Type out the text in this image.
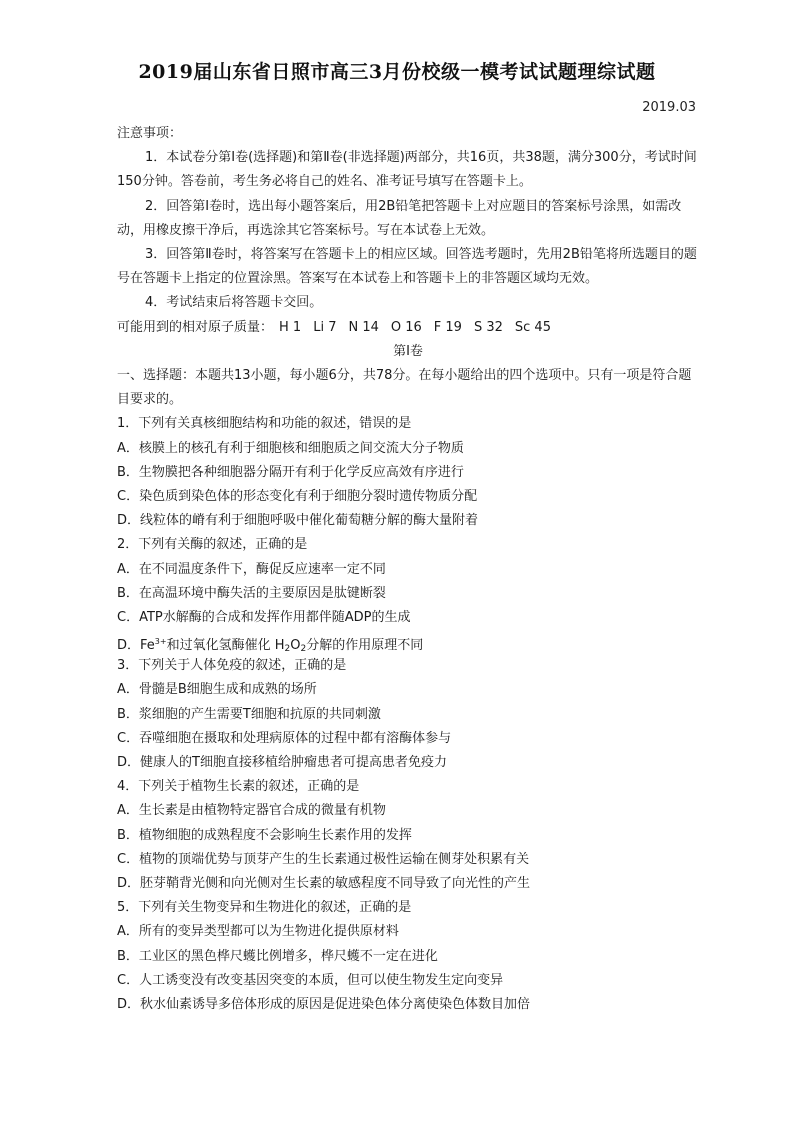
2019届山东省日照市高三3月份校级一模考试试题理综试题
2019.03
注意事项：
1．本试卷分第Ⅰ卷(选择题)和第Ⅱ卷(非选择题)两部分，共16页，共38题，满分300分，考试时间150分钟。答卷前，考生务必将自己的姓名、准考证号填写在答题卡上。
2．回答第Ⅰ卷时，选出每小题答案后，用2B铅笔把答题卡上对应题目的答案标号涂黑，如需改动，用橡皮擦干净后，再选涂其它答案标号。写在本试卷上无效。
3．回答第Ⅱ卷时，将答案写在答题卡上的相应区域。回答选考题时，先用2B铅笔将所选题目的题号在答题卡上指定的位置涂黑。答案写在本试卷上和答题卡上的非答题区域均无效。
4．考试结束后将答题卡交回。
可能用到的相对原子质量： H 1 Li 7 N 14 O 16 F 19 S 32 Sc 45
第Ⅰ卷
一、选择题：本题共13小题，每小题6分，共78分。在每小题给出的四个选项中。只有一项是符合题目要求的。
1．下列有关真核细胞结构和功能的叙述，错误的是
A．核膜上的核孔有利于细胞核和细胞质之间交流大分子物质
B．生物膜把各种细胞器分隔开有利于化学反应高效有序进行
C．染色质到染色体的形态变化有利于细胞分裂时遗传物质分配
D．线粒体的嵴有利于细胞呼吸中催化葡萄糖分解的酶大量附着
2．下列有关酶的叙述，正确的是
A．在不同温度条件下，酶促反应速率一定不同
B．在高温环境中酶失活的主要原因是肽键断裂
C．ATP水解酶的合成和发挥作用都伴随ADP的生成
D．$Fe^{3+}$和过氧化氢酶催化 $H_2O_2$分解的作用原理不同
3．下列关于人体免疫的叙述，正确的是
A．骨髓是B细胞生成和成熟的场所
B．浆细胞的产生需要T细胞和抗原的共同刺激
C．吞噬细胞在摄取和处理病原体的过程中都有溶酶体参与
D．健康人的T细胞直接移植给肿瘤患者可提高患者免疫力
4．下列关于植物生长素的叙述，正确的是
A．生长素是由植物特定器官合成的微量有机物
B．植物细胞的成熟程度不会影响生长素作用的发挥
C．植物的顶端优势与顶芽产生的生长素通过极性运输在侧芽处积累有关
D．胚芽鞘背光侧和向光侧对生长素的敏感程度不同导致了向光性的产生
5．下列有关生物变异和生物进化的叙述，正确的是
A．所有的变异类型都可以为生物进化提供原材料
B．工业区的黑色桦尺蠖比例增多，桦尺蠖不一定在进化
C．人工诱变没有改变基因突变的本质，但可以使生物发生定向变异
D．秋水仙素诱导多倍体形成的原因是促进染色体分离使染色体数目加倍
